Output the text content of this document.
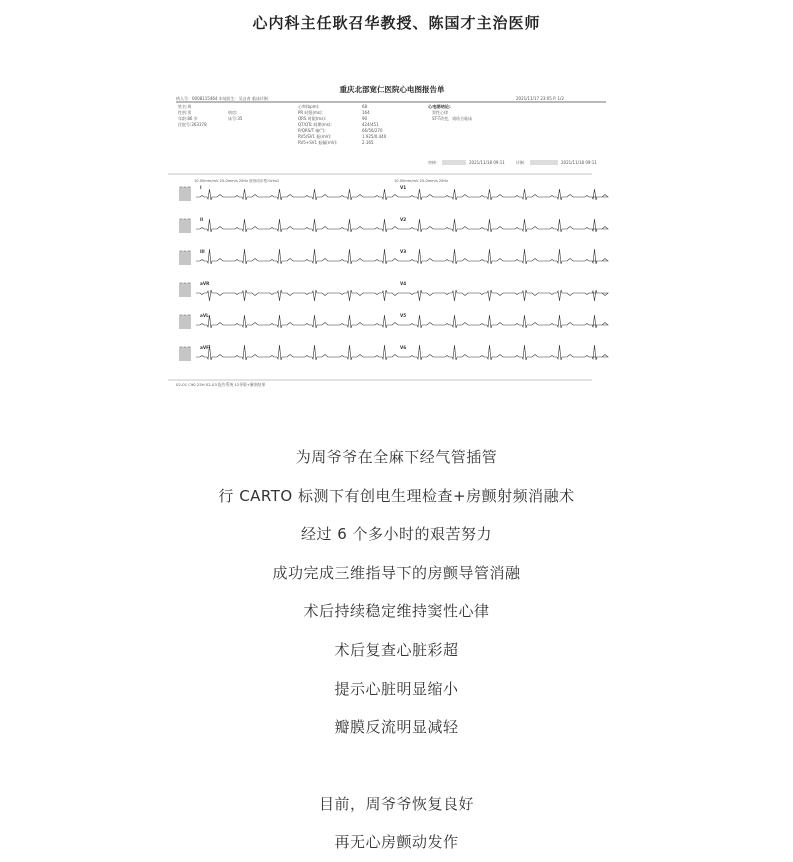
心内科主任耿召华教授、陈国才主治医师
重庆北部宽仁医院心电图报告单
病人号：0008115464 申请医生：吴自育 临床诊断：	2021/11/17 23:05 P. 1/2
姓名:周
性别:男
年龄:86 岁
住院号:263378
病房:
床号:35
心率(bpm):	68
PR 时限(ms):	164
QRS 时限(ms):	90
QT/QTc 间期(ms):	424/451
P/QRS/T 轴(°):	66/56/270
RV5/SV1 振(mV):	1.925/0.440
RV5+SV1 振幅(mV):	2.165
心电图结论:
窦性心律
ST-T改变，请结合临床
审核：	2021/11/18 09:11	诊断：	2021/11/18 09:11
10.00mm/mV 25.0mm/s 25Hz 波形同步型:0chx2	10.00mm/mV 25.0mm/s 25Hz
I	V1
II	V2
III	V3
aVR	V4
aVL	V5
aVF	V6
02-01 C90 25H 02-03 报告系统 12导联+解剖结果
为周爷爷在全麻下经气管插管
行 CARTO 标测下有创电生理检查+房颤射频消融术
经过 6 个多小时的艰苦努力
成功完成三维指导下的房颤导管消融
术后持续稳定维持窦性心律
术后复查心脏彩超
提示心脏明显缩小
瓣膜反流明显减轻
目前，周爷爷恢复良好
再无心房颤动发作
